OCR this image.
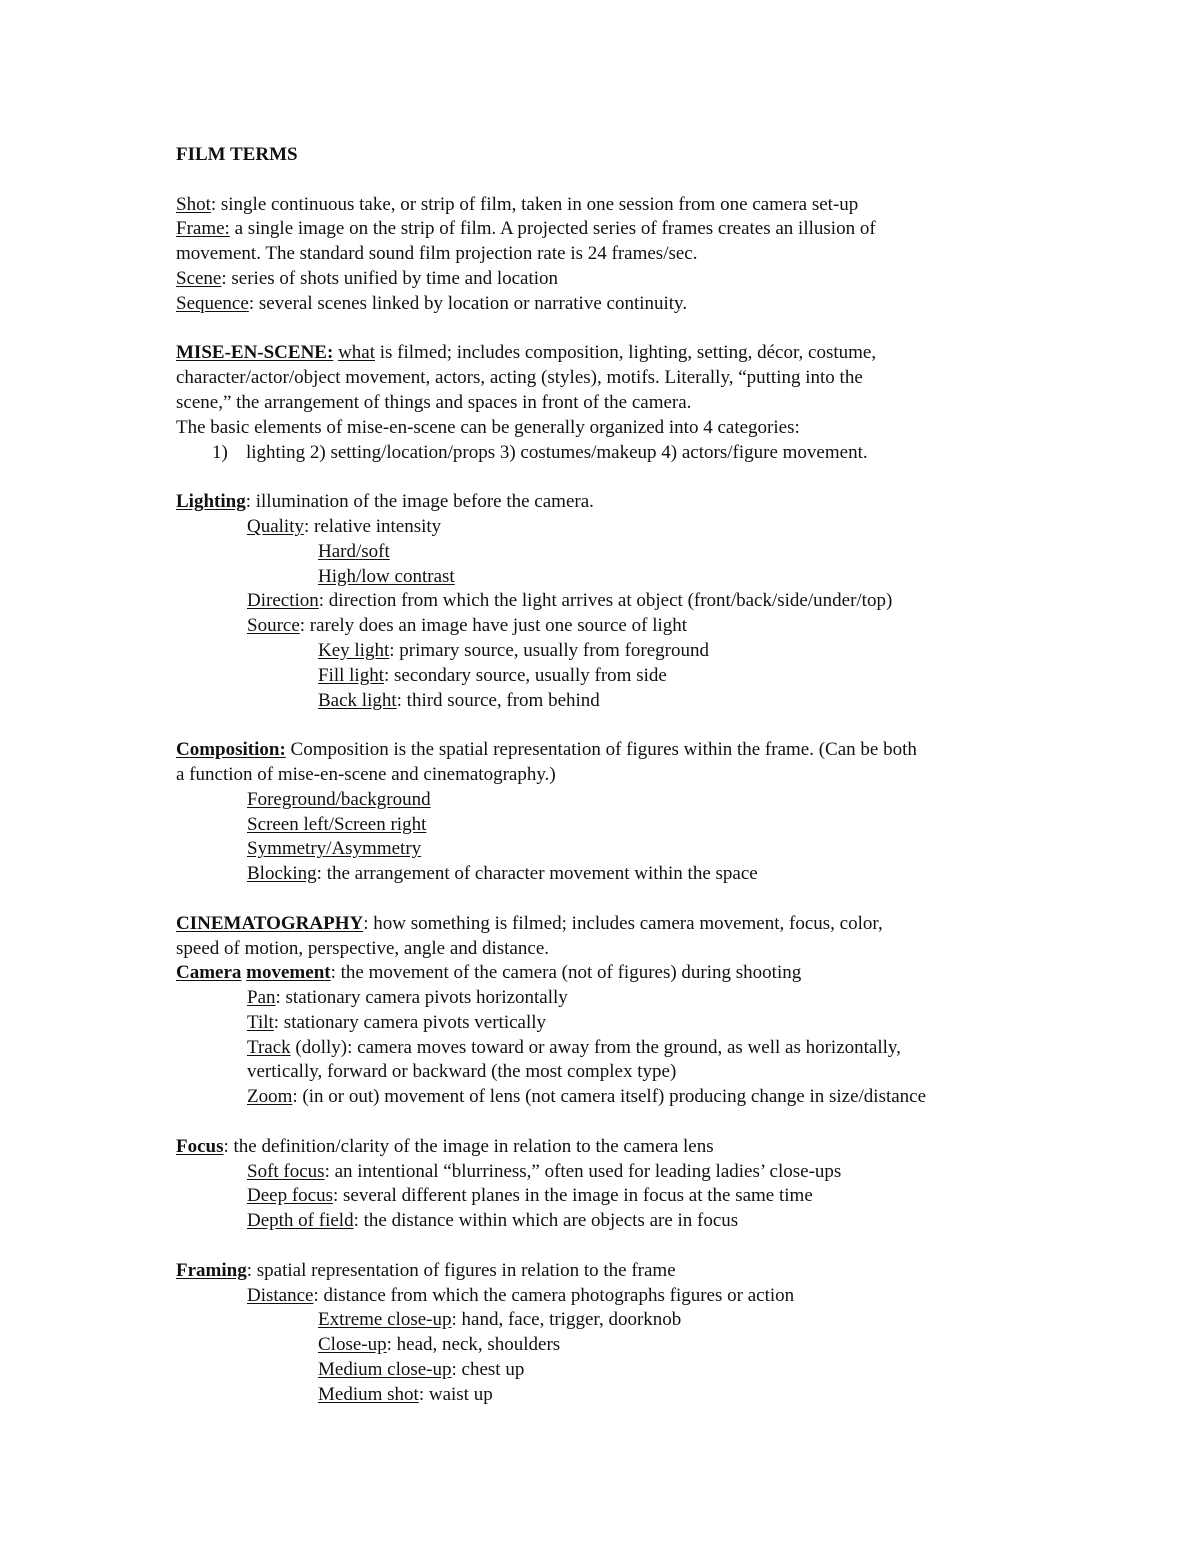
FILM TERMS
Shot: single continuous take, or strip of film, taken in one session from one camera set-up
Frame: a single image on the strip of film. A projected series of frames creates an illusion of
movement. The standard sound film projection rate is 24 frames/sec.
Scene: series of shots unified by time and location
Sequence: several scenes linked by location or narrative continuity.
MISE-EN-SCENE: what is filmed; includes composition, lighting, setting, décor, costume,
character/actor/object movement, actors, acting (styles), motifs. Literally, “putting into the
scene,” the arrangement of things and spaces in front of the camera.
The basic elements of mise-en-scene can be generally organized into 4 categories:
1) lighting 2) setting/location/props 3) costumes/makeup 4) actors/figure movement.
Lighting: illumination of the image before the camera.
Quality: relative intensity
Hard/soft
High/low contrast
Direction: direction from which the light arrives at object (front/back/side/under/top)
Source: rarely does an image have just one source of light
Key light: primary source, usually from foreground
Fill light: secondary source, usually from side
Back light: third source, from behind
Composition: Composition is the spatial representation of figures within the frame. (Can be both
a function of mise-en-scene and cinematography.)
Foreground/background
Screen left/Screen right
Symmetry/Asymmetry
Blocking: the arrangement of character movement within the space
CINEMATOGRAPHY: how something is filmed; includes camera movement, focus, color,
speed of motion, perspective, angle and distance.
Camera movement: the movement of the camera (not of figures) during shooting
Pan: stationary camera pivots horizontally
Tilt: stationary camera pivots vertically
Track (dolly): camera moves toward or away from the ground, as well as horizontally,
vertically, forward or backward (the most complex type)
Zoom: (in or out) movement of lens (not camera itself) producing change in size/distance
Focus: the definition/clarity of the image in relation to the camera lens
Soft focus: an intentional “blurriness,” often used for leading ladies’ close-ups
Deep focus: several different planes in the image in focus at the same time
Depth of field: the distance within which are objects are in focus
Framing: spatial representation of figures in relation to the frame
Distance: distance from which the camera photographs figures or action
Extreme close-up: hand, face, trigger, doorknob
Close-up: head, neck, shoulders
Medium close-up: chest up
Medium shot: waist up
